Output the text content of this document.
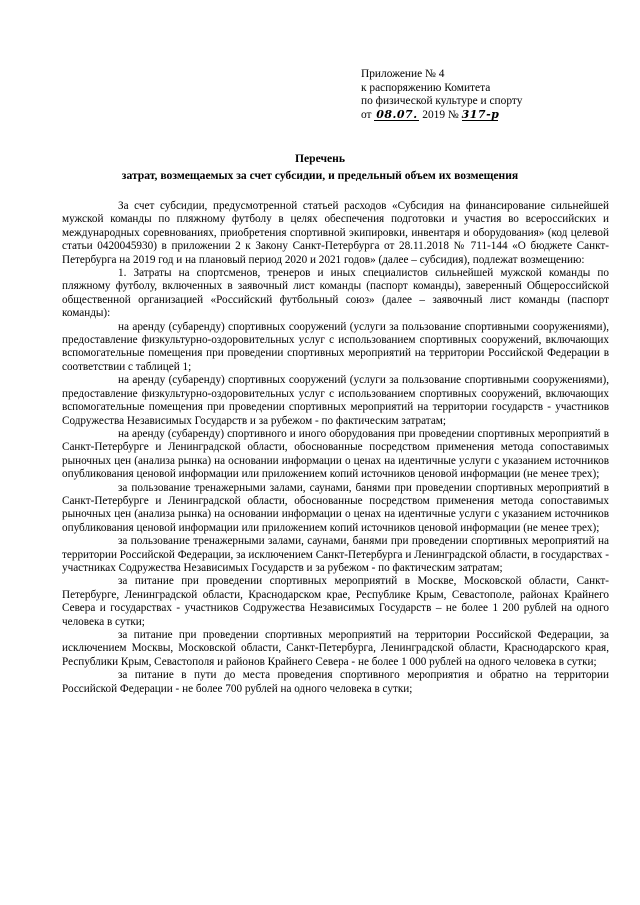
Приложение № 4
к распоряжению Комитета
по физической культуре и спорту
от 08.07. 2019 № 317-р
Перечень
затрат, возмещаемых за счет субсидии, и предельный объем их возмещения

За счет субсидии, предусмотренной статьей расходов «Субсидия на финансирование сильнейшей мужской команды по пляжному футболу в целях обеспечения подготовки и участия во всероссийских и международных соревнованиях, приобретения спортивной экипировки, инвентаря и оборудования» (код целевой статьи 0420045930) в приложении 2 к Закону Санкт-Петербурга от 28.11.2018 № 711-144 «О бюджете Санкт-Петербурга на 2019 год и на плановый период 2020 и 2021 годов» (далее – субсидия), подлежат возмещению:

1. Затраты на спортсменов, тренеров и иных специалистов сильнейшей мужской команды по пляжному футболу, включенных в заявочный лист команды (паспорт команды), заверенный Общероссийской общественной организацией «Российский футбольный союз» (далее – заявочный лист команды (паспорт команды):

на аренду (субаренду) спортивных сооружений (услуги за пользование спортивными сооружениями), предоставление физкультурно-оздоровительных услуг с использованием спортивных сооружений, включающих вспомогательные помещения при проведении спортивных мероприятий на территории Российской Федерации в соответствии с таблицей 1;

на аренду (субаренду) спортивных сооружений (услуги за пользование спортивными сооружениями), предоставление физкультурно-оздоровительных услуг с использованием спортивных сооружений, включающих вспомогательные помещения при проведении спортивных мероприятий на территории государств - участников Содружества Независимых Государств и за рубежом - по фактическим затратам;

на аренду (субаренду) спортивного и иного оборудования при проведении спортивных мероприятий в Санкт-Петербурге и Ленинградской области, обоснованные посредством применения метода сопоставимых рыночных цен (анализа рынка) на основании информации о ценах на идентичные услуги с указанием источников опубликования ценовой информации или приложением копий источников ценовой информации (не менее трех);

за пользование тренажерными залами, саунами, банями при проведении спортивных мероприятий в Санкт-Петербурге и Ленинградской области, обоснованные посредством применения метода сопоставимых рыночных цен (анализа рынка) на основании информации о ценах на идентичные услуги с указанием источников опубликования ценовой информации или приложением копий источников ценовой информации (не менее трех);

за пользование тренажерными залами, саунами, банями при проведении спортивных мероприятий на территории Российской Федерации, за исключением Санкт-Петербурга и Ленинградской области, в государствах - участниках Содружества Независимых Государств и за рубежом - по фактическим затратам;

за питание при проведении спортивных мероприятий в Москве, Московской области, Санкт-Петербурге, Ленинградской области, Краснодарском крае, Республике Крым, Севастополе, районах Крайнего Севера и государствах - участников Содружества Независимых Государств – не более 1 200 рублей на одного человека в сутки;

за питание при проведении спортивных мероприятий на территории Российской Федерации, за исключением Москвы, Московской области, Санкт-Петербурга, Ленинградской области, Краснодарского края, Республики Крым, Севастополя и районов Крайнего Севера - не более 1 000 рублей на одного человека в сутки;

за питание в пути до места проведения спортивного мероприятия и обратно на территории Российской Федерации - не более 700 рублей на одного человека в сутки;
